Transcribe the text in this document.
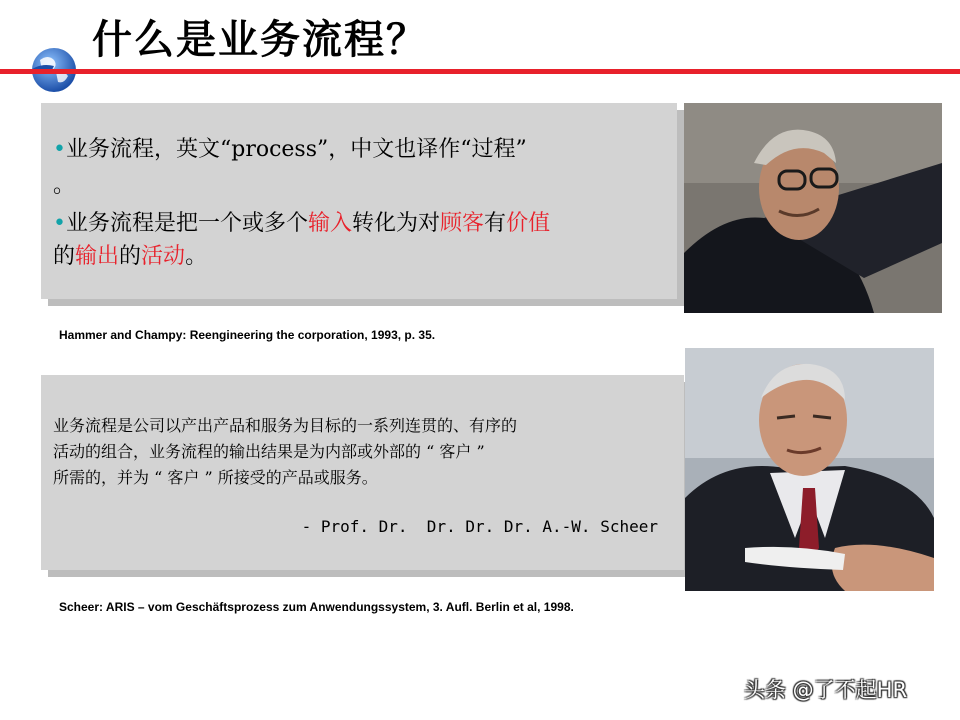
什么是业务流程？
•业务流程，英文“process”，中文也译作“过程”
。
•业务流程是把一个或多个输入转化为对顾客有价值
的输出的活动。
Hammer and Champy: Reengineering the corporation, 1993, p. 35.
业务流程是公司以产出产品和服务为目标的一系列连贯的、有序的
活动的组合，业务流程的输出结果是为内部或外部的 “ 客户 ”
所需的，并为 “ 客户 ” 所接受的产品或服务。
- Prof. Dr.  Dr. Dr. Dr. A.-W. Scheer
Scheer: ARIS – vom Geschäftsprozess zum Anwendungssystem, 3. Aufl. Berlin et al, 1998.
头条 @了不起HR
